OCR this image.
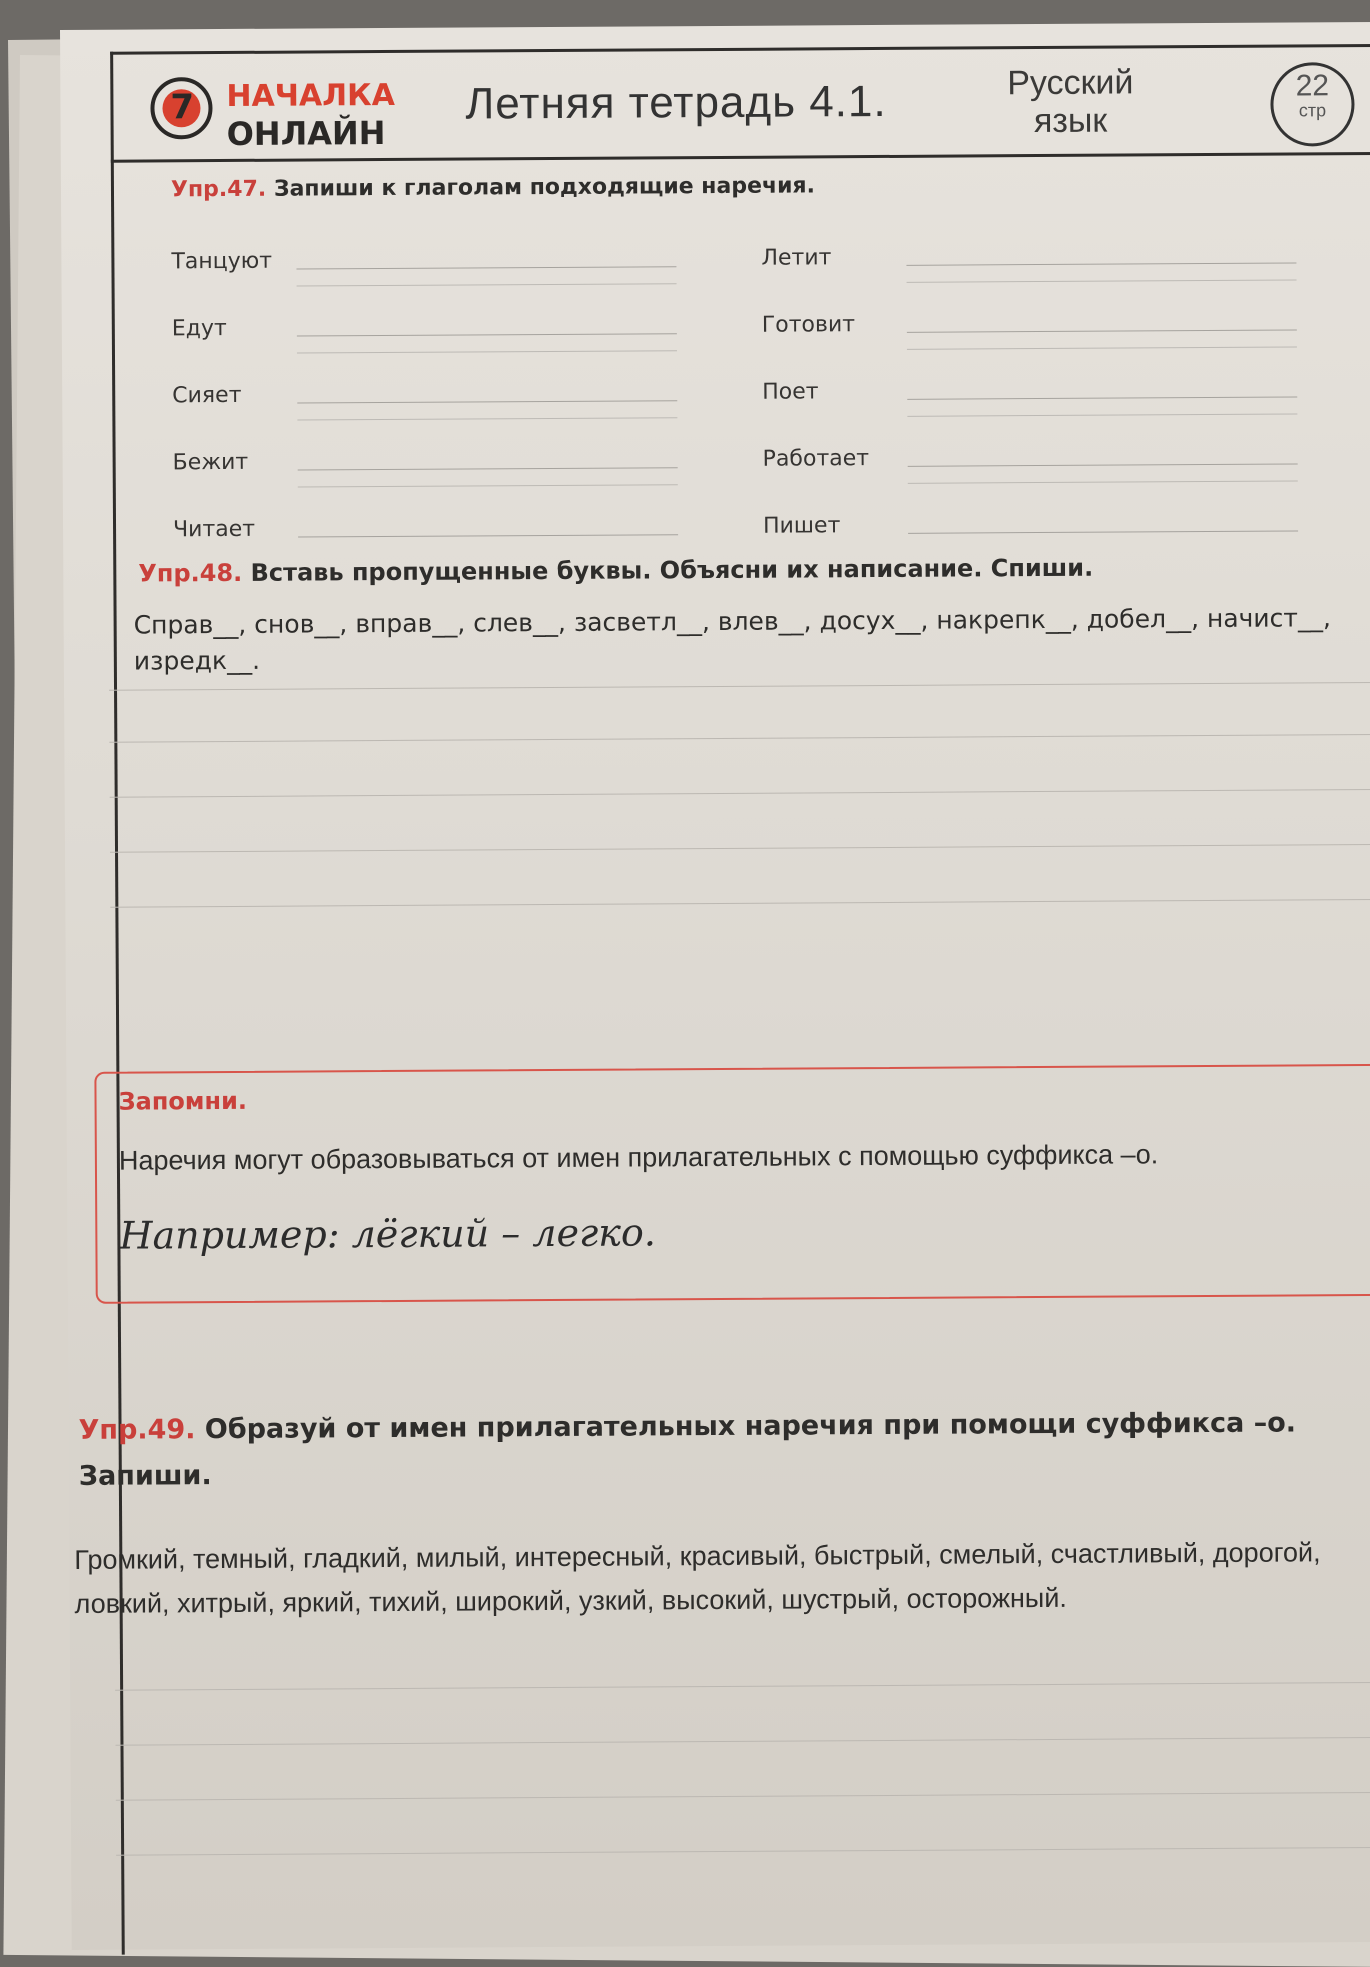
7
НАЧАЛКА
ОНЛАЙН
Летняя тетрадь 4.1.	Русский язык
22
стр
Упр.47. Запиши к глаголам подходящие наречия.
Танцуют
Едут
Сияет
Бежит
Читает
Летит
Готовит
Поет
Работает
Пишет
Упр.48. Вставь пропущенные буквы. Объясни их написание. Спиши.
Справ__, снов__, вправ__, слев__, засветл__, влев__, досух__, накрепк__, добел__, начист__, изредк__.
Запомни.
Наречия могут образовываться от имен прилагательных с помощью суффикса –о.
Например: лёгкий – легко.
Упр.49. Образуй от имен прилагательных наречия при помощи суффикса –о. Запиши.
Громкий, темный, гладкий, милый, интересный, красивый, быстрый, смелый, счастливый, дорогой, ловкий, хитрый, яркий, тихий, широкий, узкий, высокий, шустрый, осторожный.
